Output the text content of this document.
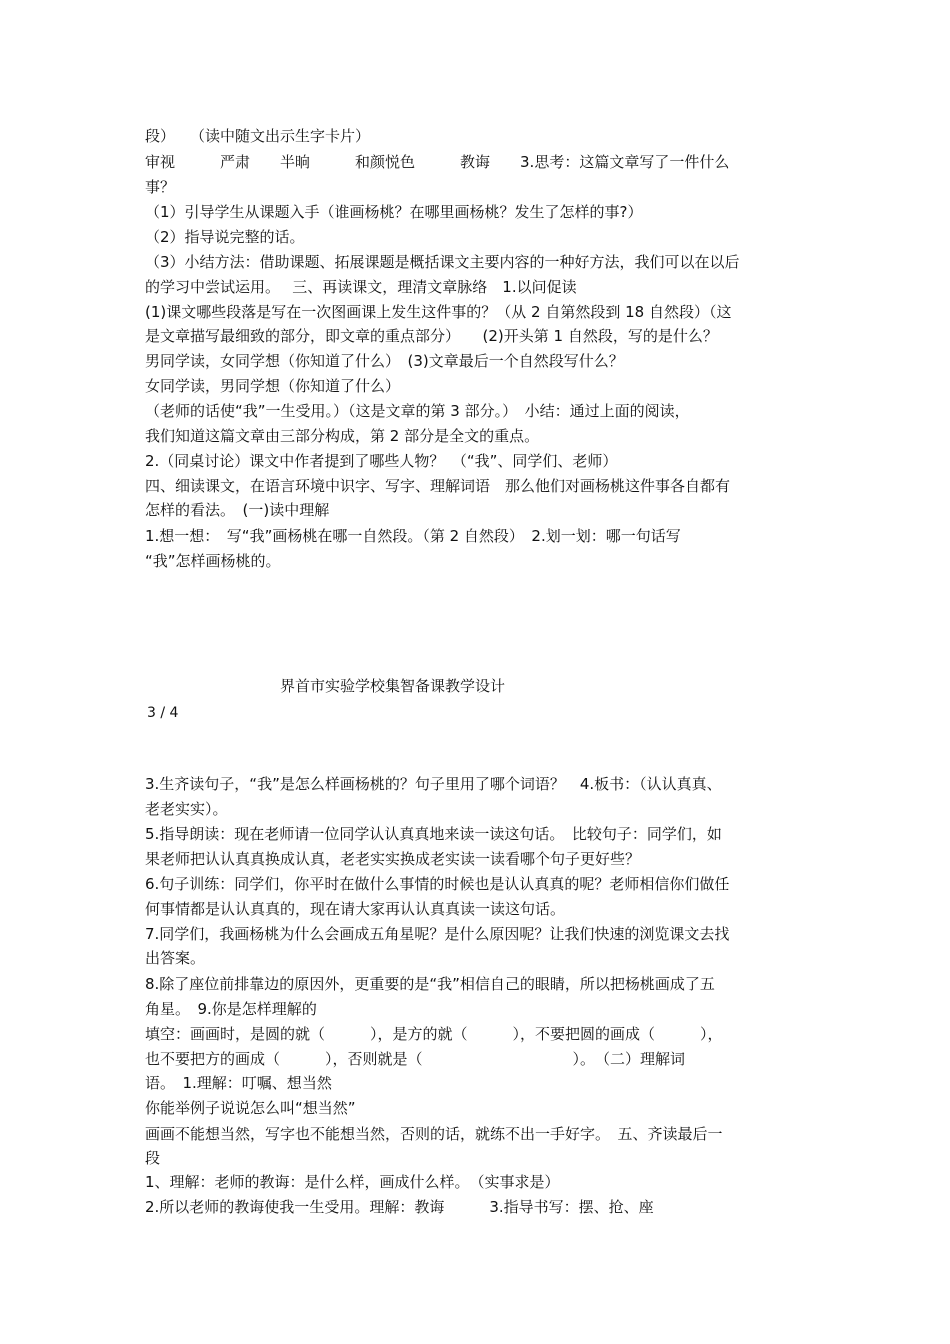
段）　　（读中随文出示生字卡片）
审视　　　严肃　　半晌　　　和颜悦色　　　教诲　　3.思考：这篇文章写了一件什么
事？
（1）引导学生从课题入手（谁画杨桃？在哪里画杨桃？发生了怎样的事?）
（2）指导说完整的话。
（3）小结方法：借助课题、拓展课题是概括课文主要内容的一种好方法，我们可以在以后
的学习中尝试运用。　 三、再读课文，理清文章脉络　1.以问促读
(1)课文哪些段落是写在一次图画课上发生这件事的？（从 2 自第然段到 18 自然段）（这
是文章描写最细致的部分，即文章的重点部分）　　(2)开头第 1 自然段，写的是什么？
男同学读，女同学想（你知道了什么）　(3)文章最后一个自然段写什么？
女同学读，男同学想（你知道了什么）
（老师的话使“我”一生受用。）（这是文章的第 3 部分。）　小结：通过上面的阅读，
我们知道这篇文章由三部分构成，第 2 部分是全文的重点。
2.（同桌讨论）课文中作者提到了哪些人物？　（“我”、同学们、老师）
四、细读课文，在语言环境中识字、写字、理解词语　那么他们对画杨桃这件事各自都有
怎样的看法。　(一)读中理解
1.想一想：　写“我”画杨桃在哪一自然段。（第 2 自然段）　2.划一划：哪一句话写
“我”怎样画杨桃的。
界首市实验学校集智备课教学设计
3 / 4
3.生齐读句子，“我”是怎么样画杨桃的？句子里用了哪个词语？　4.板书：（认认真真、
老老实实）。
5.指导朗读：现在老师请一位同学认认真真地来读一读这句话。　比较句子：同学们，如
果老师把认认真真换成认真，老老实实换成老实读一读看哪个句子更好些？
6.句子训练：同学们，你平时在做什么事情的时候也是认认真真的呢？老师相信你们做任
何事情都是认认真真的，现在请大家再认认真真读一读这句话。
7.同学们，我画杨桃为什么会画成五角星呢？是什么原因呢？让我们快速的浏览课文去找
出答案。
8.除了座位前排靠边的原因外，更重要的是“我”相信自己的眼睛，所以把杨桃画成了五
角星。　9.你是怎样理解的
填空：画画时，是圆的就（　　　），是方的就（　　　），不要把圆的画成（　　　），
也不要把方的画成（　　　），否则就是（　　　　　　　　　　）。　（二）理解词
语。　1.理解：叮嘱、想当然
你能举例子说说怎么叫“想当然”
画画不能想当然，写字也不能想当然，否则的话，就练不出一手好字。　五、齐读最后一
段
1、理解：老师的教诲：是什么样，画成什么样。　（实事求是）
2.所以老师的教诲使我一生受用。理解：教诲　　　3.指导书写：摆、抢、座
